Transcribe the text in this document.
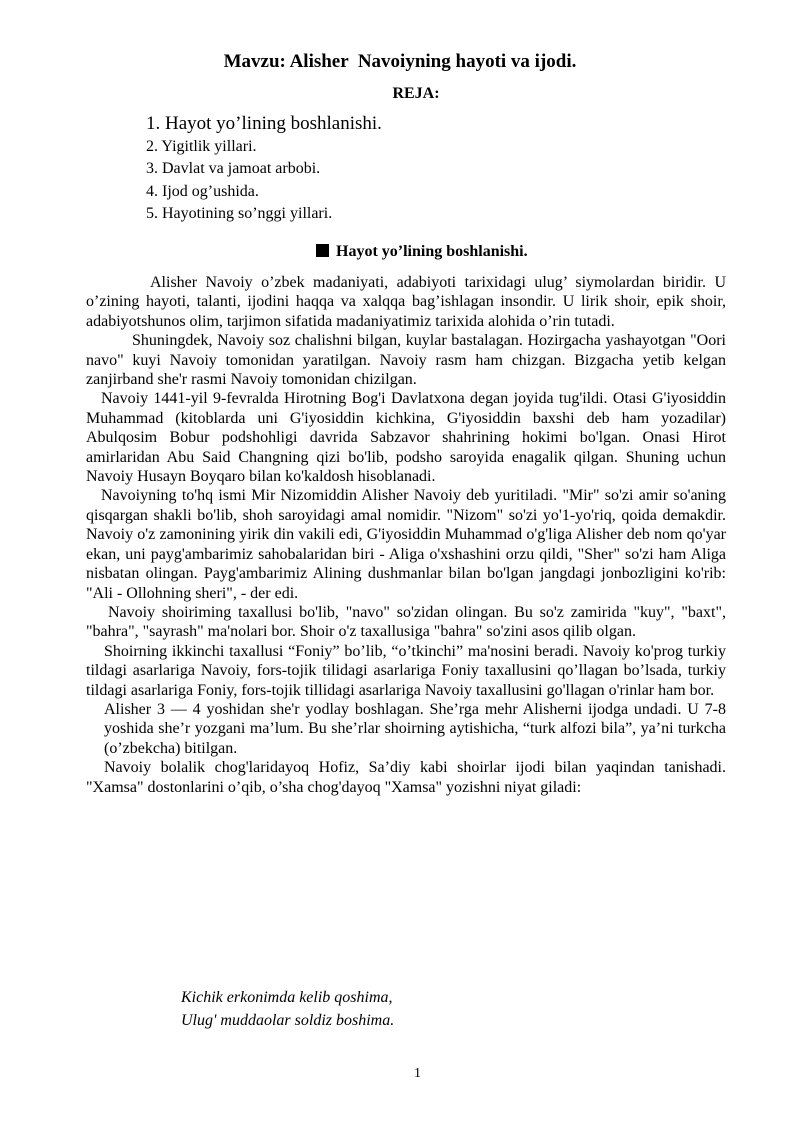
Mavzu: Alisher  Navoiyning hayoti va ijodi.
REJA:
1. Hayot yo’lining boshlanishi.
2. Yigitlik yillari.
3. Davlat va jamoat arbobi.
4. Ijod og’ushida.
5. Hayotining so’nggi yillari.
Hayot yo’lining boshlanishi.

Alisher Navoiy o’zbek madaniyati, adabiyoti tarixidagi ulug’ siymolardan biridir. U o’zining hayoti, talanti, ijodini haqqa va xalqqa bag’ishlagan insondir. U lirik shoir, epik shoir, adabiyotshunos olim, tarjimon sifatida madaniyatimiz tarixida alohida o’rin tutadi.

Shuningdek, Navoiy soz chalishni bilgan, kuylar bastalagan. Hozirgacha yashayotgan "Oori navo" kuyi Navoiy tomonidan yaratilgan. Navoiy rasm ham chizgan. Bizgacha yetib kelgan zanjirband she'r rasmi Navoiy tomonidan chizilgan.

Navoiy 1441-yil 9-fevralda Hirotning Bog'i Davlatxona degan joyida tug'ildi. Otasi G'iyosiddin Muhammad (kitoblarda uni G'iyosiddin kichkina, G'iyosiddin baxshi deb ham yozadilar) Abulqosim Bobur podshohligi davrida Sabzavor shahrining hokimi bo'lgan. Onasi Hirot amirlaridan Abu Said Changning qizi bo'lib, podsho saroyida enagalik qilgan. Shuning uchun Navoiy Husayn Boyqaro bilan ko'kaldosh hisoblanadi.

Navoiyning to'hq ismi Mir Nizomiddin Alisher Navoiy deb yuritiladi. "Mir" so'zi amir so'aning qisqargan shakli bo'lib, shoh saroyidagi amal nomidir. "Nizom" so'zi yo'1-yo'riq, qoida demakdir. Navoiy o'z zamonining yirik din vakili edi, G'iyosiddin Muhammad o'g'liga Alisher deb nom qo'yar ekan, uni payg'ambarimiz sahobalaridan biri - Aliga o'xshashini orzu qildi, "Sher" so'zi ham Aliga nisbatan olingan. Payg'ambarimiz Alining dushmanlar bilan bo'lgan jangdagi jonbozligini ko'rib: "Ali - Ollohning sheri", - der edi.

Navoiy shoiriming taxallusi bo'lib, "navo" so'zidan olingan. Bu so'z zamirida "kuy", "baxt", "bahra", "sayrash" ma'nolari bor. Shoir o'z taxallusiga "bahra" so'zini asos qilib olgan.

Shoirning ikkinchi taxallusi “Foniy” bo’lib, “o’tkinchi” ma'nosini beradi. Navoiy ko'prog turkiy tildagi asarlariga Navoiy, fors-tojik tilidagi asarlariga Foniy taxallusini qo’llagan bo’lsada, turkiy tildagi asarlariga Foniy, fors-tojik tillidagi asarlariga Navoiy taxallusini go'llagan o'rinlar ham bor.

Alisher 3 — 4 yoshidan she'r yodlay boshlagan. She’rga mehr Alisherni ijodga undadi. U 7-8 yoshida she’r yozgani ma’lum. Bu she’rlar shoirning aytishicha, “turk alfozi bila”, ya’ni turkcha (o’zbekcha) bitilgan.

Navoiy bolalik chog'laridayoq Hofiz, Sa’diy kabi shoirlar ijodi bilan yaqindan tanishadi. "Xamsa" dostonlarini o’qib, o’sha chog'dayoq "Xamsa" yozishni niyat giladi:

Kichik erkonimda kelib qoshima,
Ulug' muddaolar soldiz boshima.
1
